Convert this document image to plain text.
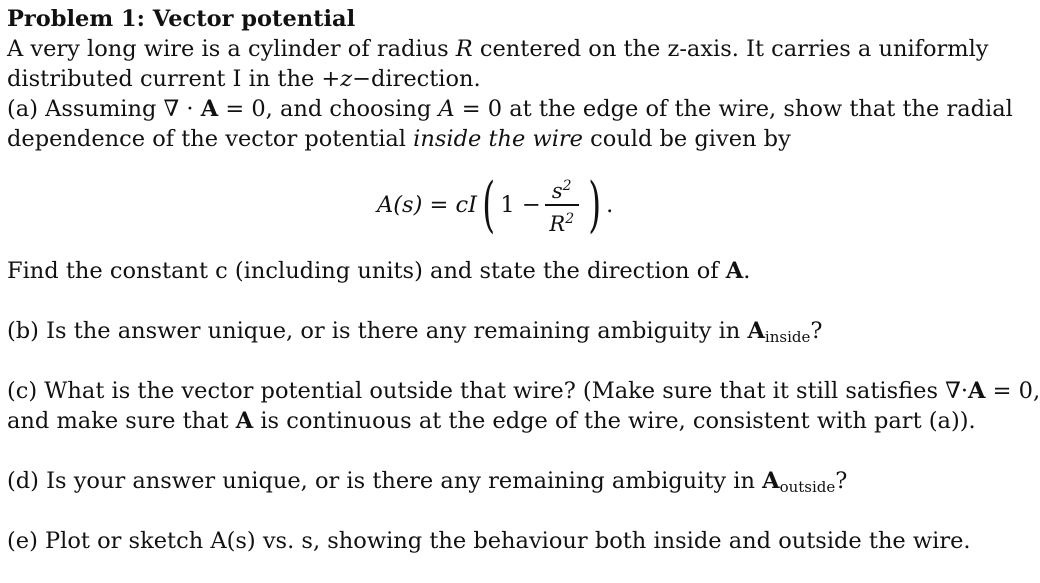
Problem 1: Vector potential
A very long wire is a cylinder of radius R centered on the z-axis. It carries a uniformly
distributed current I in the +z−direction.
(a) Assuming ∇ · A = 0, and choosing A = 0 at the edge of the wire, show that the radial
dependence of the vector potential inside the wire could be given by
A(s) = cI ( $1 - \frac{s^2}{R^2}$ ) .
Find the constant c (including units) and state the direction of A.
(b) Is the answer unique, or is there any remaining ambiguity in $A_{inside}$?
(c) What is the vector potential outside that wire? (Make sure that it still satisfies ∇·A = 0,
and make sure that A is continuous at the edge of the wire, consistent with part (a)).
(d) Is your answer unique, or is there any remaining ambiguity in $A_{outside}$?
(e) Plot or sketch A(s) vs. s, showing the behaviour both inside and outside the wire.
